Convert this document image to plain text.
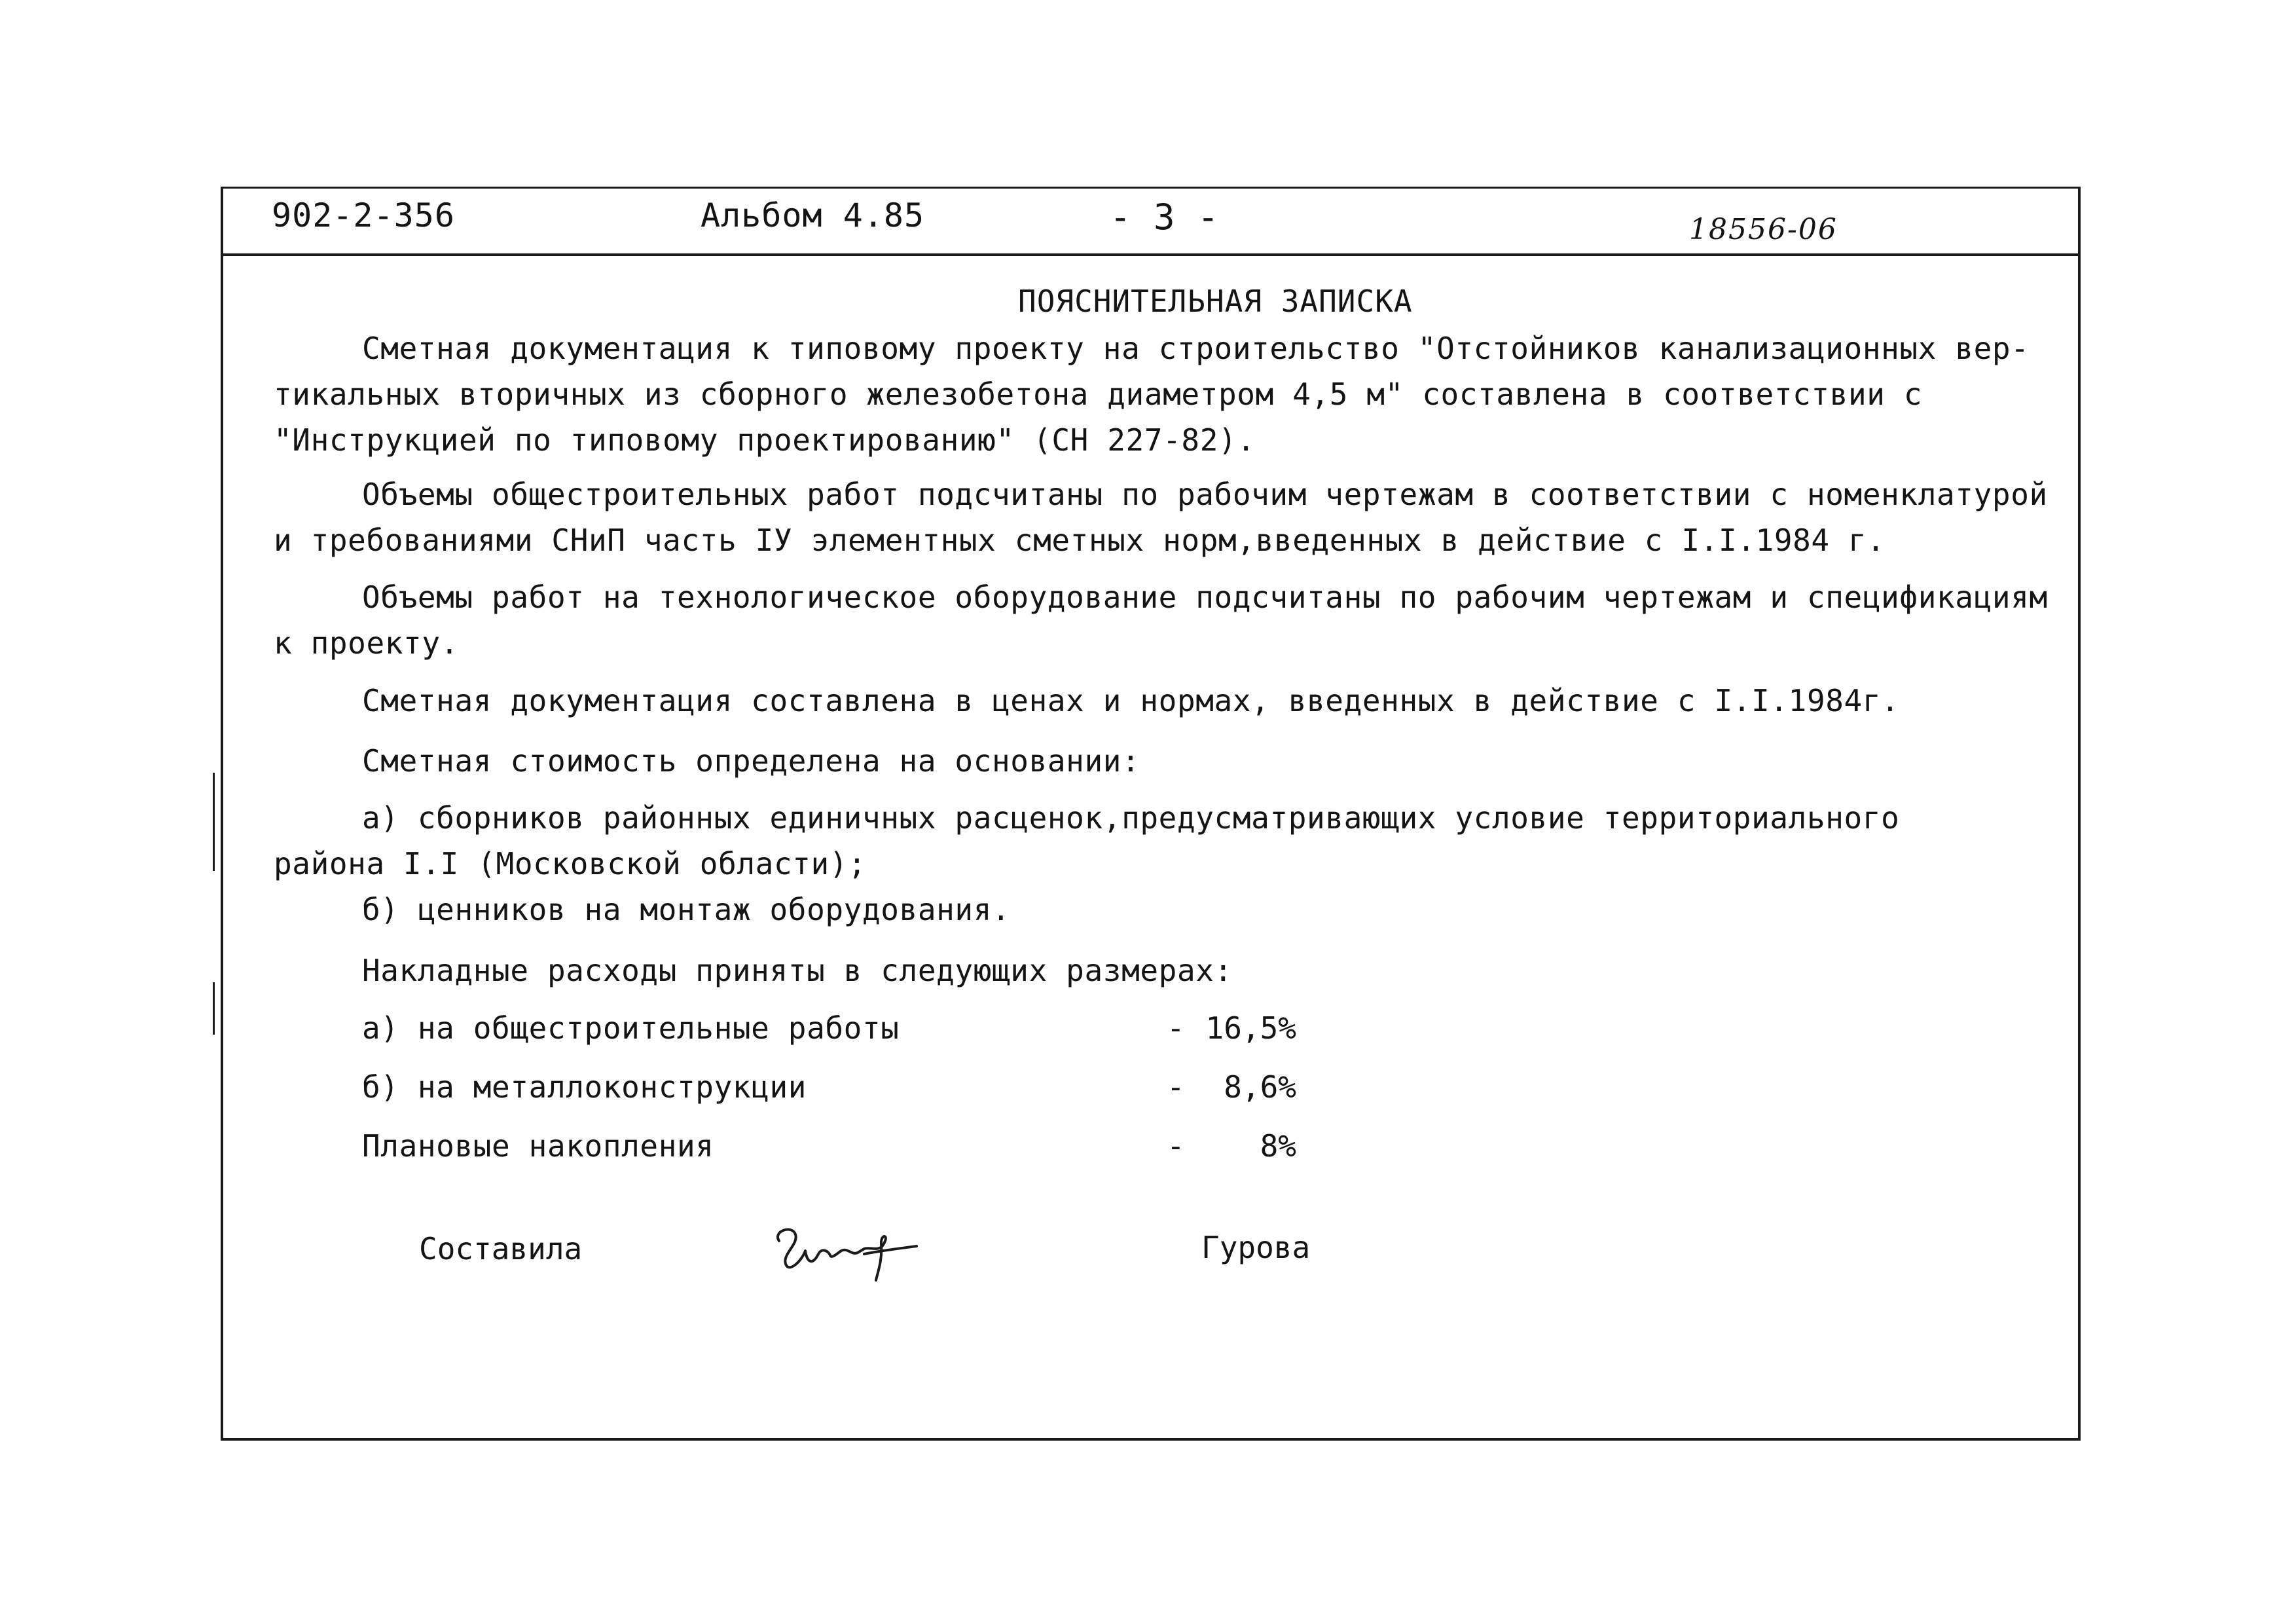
902-2-356	Альбом 4.85	- 3 -	18556-06
ПОЯСНИТЕЛЬНАЯ ЗАПИСКА
Сметная документация к типовому проекту на строительство "Отстойников канализационных вер-
тикальных вторичных из сборного железобетона диаметром 4,5 м" составлена в соответствии с
"Инструкцией по типовому проектированию" (СН 227-82).
Объемы общестроительных работ подсчитаны по рабочим чертежам в соответствии с номенклатурой
и требованиями СНиП часть IУ элементных сметных норм,введенных в действие с I.I.1984 г.
Объемы работ на технологическое оборудование подсчитаны по рабочим чертежам и спецификациям
к проекту.
Сметная документация составлена в ценах и нормах, введенных в действие с I.I.1984г.
Сметная стоимость определена на основании:
а) сборников районных единичных расценок,предусматривающих условие территориального
района I.I (Московской области);
б) ценников на монтаж оборудования.
Накладные расходы приняты в следующих размерах:
а) на общестроительные работы	- 16,5%
б) на металлоконструкции	-	8,6%
Плановые накопления	-	8%
Составила	Гурова
